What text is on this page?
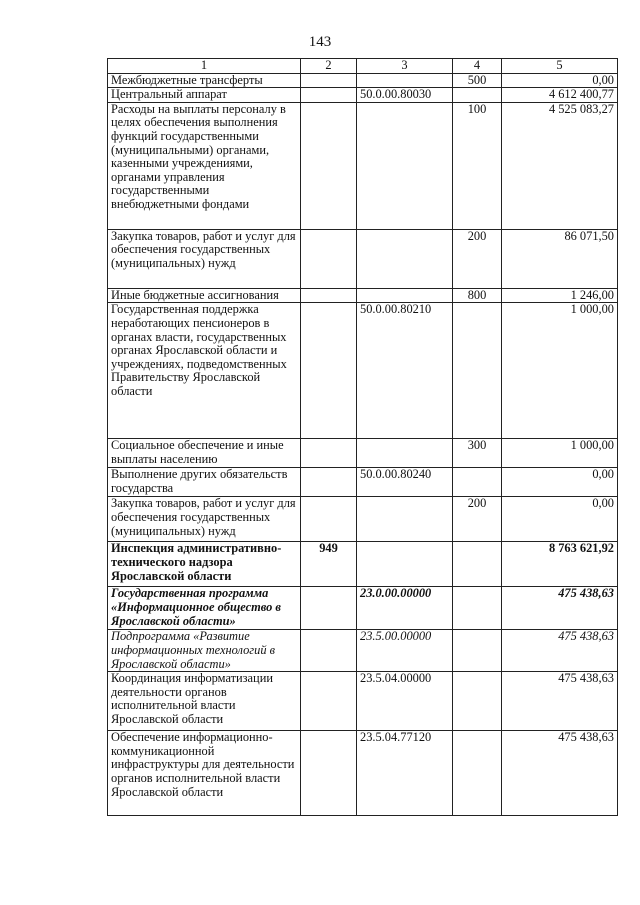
143
1	2	3	4	5
Межбюджетные трансферты			500	0,00
Центральный аппарат		50.0.00.80030		4 612 400,77
Расходы на выплаты персоналу в целях обеспечения выполнения функций государственными (муниципальными) органами, казенными учреждениями, органами управления государственными внебюджетными фондами			100	4 525 083,27
Закупка товаров, работ и услуг для обеспечения государственных (муниципальных) нужд			200	86 071,50
Иные бюджетные ассигнования			800	1 246,00
Государственная поддержка неработающих пенсионеров в органах власти, государственных органах Ярославской области и учреждениях, подведомственных Правительству Ярославской области		50.0.00.80210		1 000,00
Социальное обеспечение и иные выплаты населению			300	1 000,00
Выполнение других обязательств государства		50.0.00.80240		0,00
Закупка товаров, работ и услуг для обеспечения государственных (муниципальных) нужд			200	0,00
Инспекция административно-технического надзора Ярославской области	949			8 763 621,92
Государственная программа «Информационное общество в Ярославской области»		23.0.00.00000		475 438,63
Подпрограмма «Развитие информационных технологий в Ярославской области»		23.5.00.00000		475 438,63
Координация информатизации деятельности органов исполнительной власти Ярославской области		23.5.04.00000		475 438,63
Обеспечение информационно-коммуникационной инфраструктуры для деятельности органов исполнительной власти Ярославской области		23.5.04.77120		475 438,63
